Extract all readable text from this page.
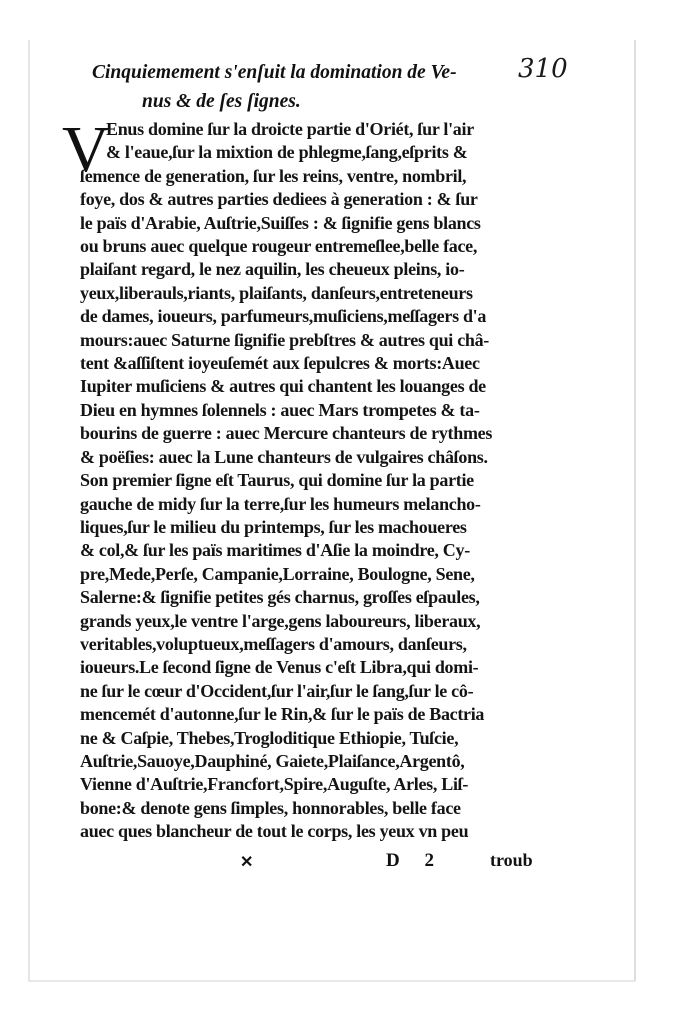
310
Cinquiemement s'enſuit la domination de Ve-
nus & de ſes ſignes.
V
Enus domine ſur la droicte partie d'Oriét, ſur l'air
& l'eaue,ſur la mixtion de phlegme,ſang,eſprits &
ſemence de generation, ſur les reins, ventre, nombril,
foye, dos & autres parties dediees à generation : & ſur
le païs d'Arabie, Auſtrie,Suiſſes : & ſignifie gens blancs
ou bruns auec quelque rougeur entremeſlee,belle face,
plaiſant regard, le nez aquilin, les cheueux pleins, io-
yeux,liberauls,riants, plaiſants, danſeurs,entreteneurs
de dames, ioueurs, parfumeurs,muſiciens,meſſagers d'a
mours:auec Saturne ſignifie prebſtres & autres qui châ-
tent &aſſiſtent ioyeuſemét aux ſepulcres & morts:Auec
Iupiter muſiciens & autres qui chantent les louanges de
Dieu en hymnes ſolennels : auec Mars trompetes & ta-
bourins de guerre : auec Mercure chanteurs de rythmes
& poëſies: auec la Lune chanteurs de vulgaires châſons.
Son premier ſigne eſt Taurus, qui domine ſur la partie
gauche de midy ſur la terre,ſur les humeurs melancho-
liques,ſur le milieu du printemps, ſur les machoueres
& col,& ſur les païs maritimes d'Aſie la moindre, Cy-
pre,Mede,Perſe, Campanie,Lorraine, Boulogne, Sene,
Salerne:& ſignifie petites gés charnus, groſſes eſpaules,
grands yeux,le ventre l'arge,gens laboureurs, liberaux,
veritables,voluptueux,meſſagers d'amours, danſeurs,
ioueurs.Le ſecond ſigne de Venus c'eſt Libra,qui domi-
ne ſur le cœur d'Occident,ſur l'air,ſur le ſang,ſur le cô-
mencemét d'autonne,ſur le Rin,& ſur le païs de Bactria
ne & Caſpie, Thebes,Trogloditique Ethiopie, Tuſcie,
Auſtrie,Sauoye,Dauphiné, Gaiete,Plaiſance,Argentô,
Vienne d'Auſtrie,Francfort,Spire,Auguſte, Arles, Liſ-
bone:& denote gens ſimples, honnorables, belle face
auec ques blancheur de tout le corps, les yeux vn peu
✕	D 2	troub
